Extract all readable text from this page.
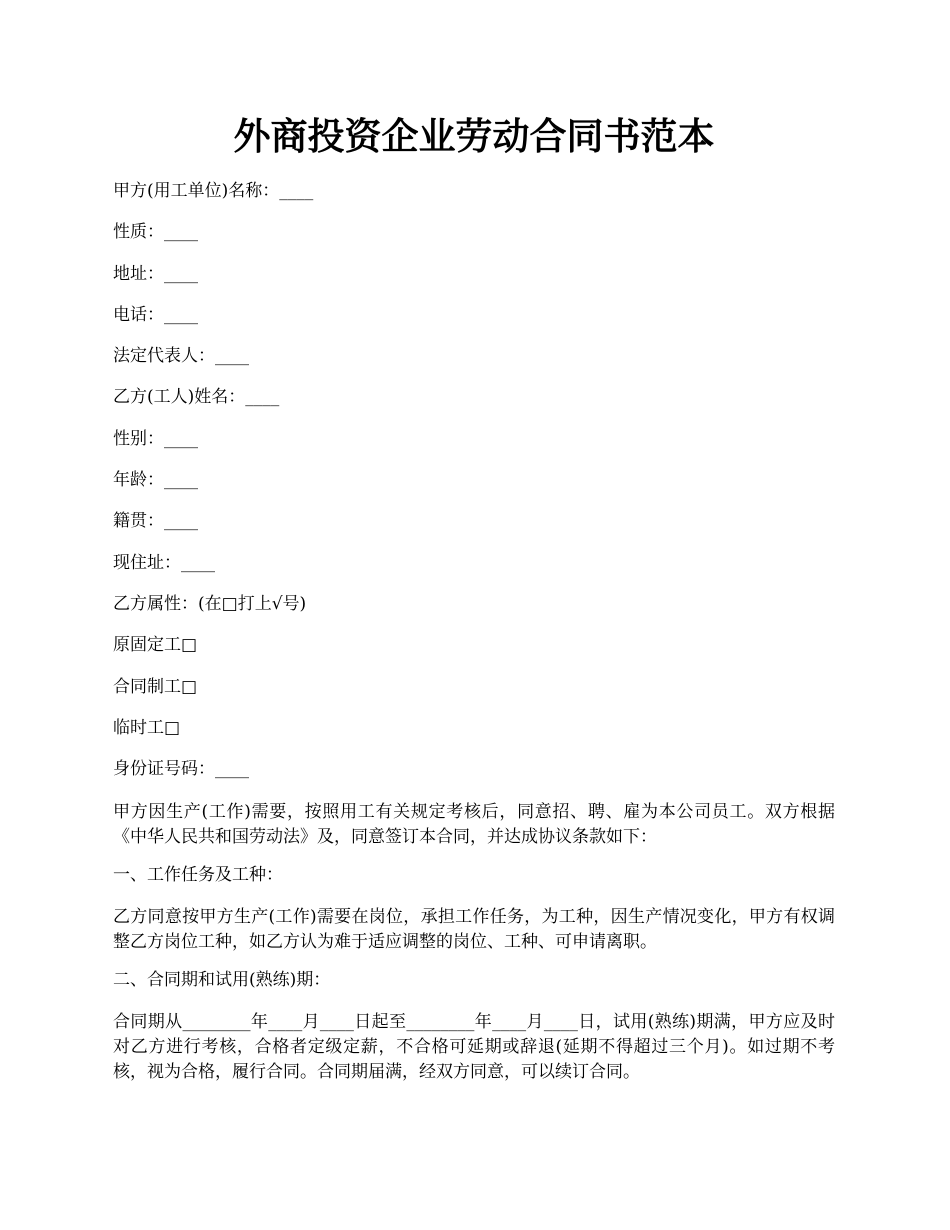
外商投资企业劳动合同书范本
甲方(用工单位)名称：____
性质：____
地址：____
电话：____
法定代表人：____
乙方(工人)姓名：____
性别：____
年龄：____
籍贯：____
现住址：____
乙方属性：(在□打上√号)
原固定工□
合同制工□
临时工□
身份证号码：____

甲方因生产(工作)需要，按照用工有关规定考核后，同意招、聘、雇为本公司员工。双方根据《中华人民共和国劳动法》及，同意签订本合同，并达成协议条款如下：

一、工作任务及工种：

乙方同意按甲方生产(工作)需要在岗位，承担工作任务，为工种，因生产情况变化，甲方有权调整乙方岗位工种，如乙方认为难于适应调整的岗位、工种、可申请离职。

二、合同期和试用(熟练)期：

合同期从________年____月____日起至________年____月____日，试用(熟练)期满，甲方应及时对乙方进行考核，合格者定级定薪，不合格可延期或辞退(延期不得超过三个月)。如过期不考核，视为合格，履行合同。合同期届满，经双方同意，可以续订合同。
